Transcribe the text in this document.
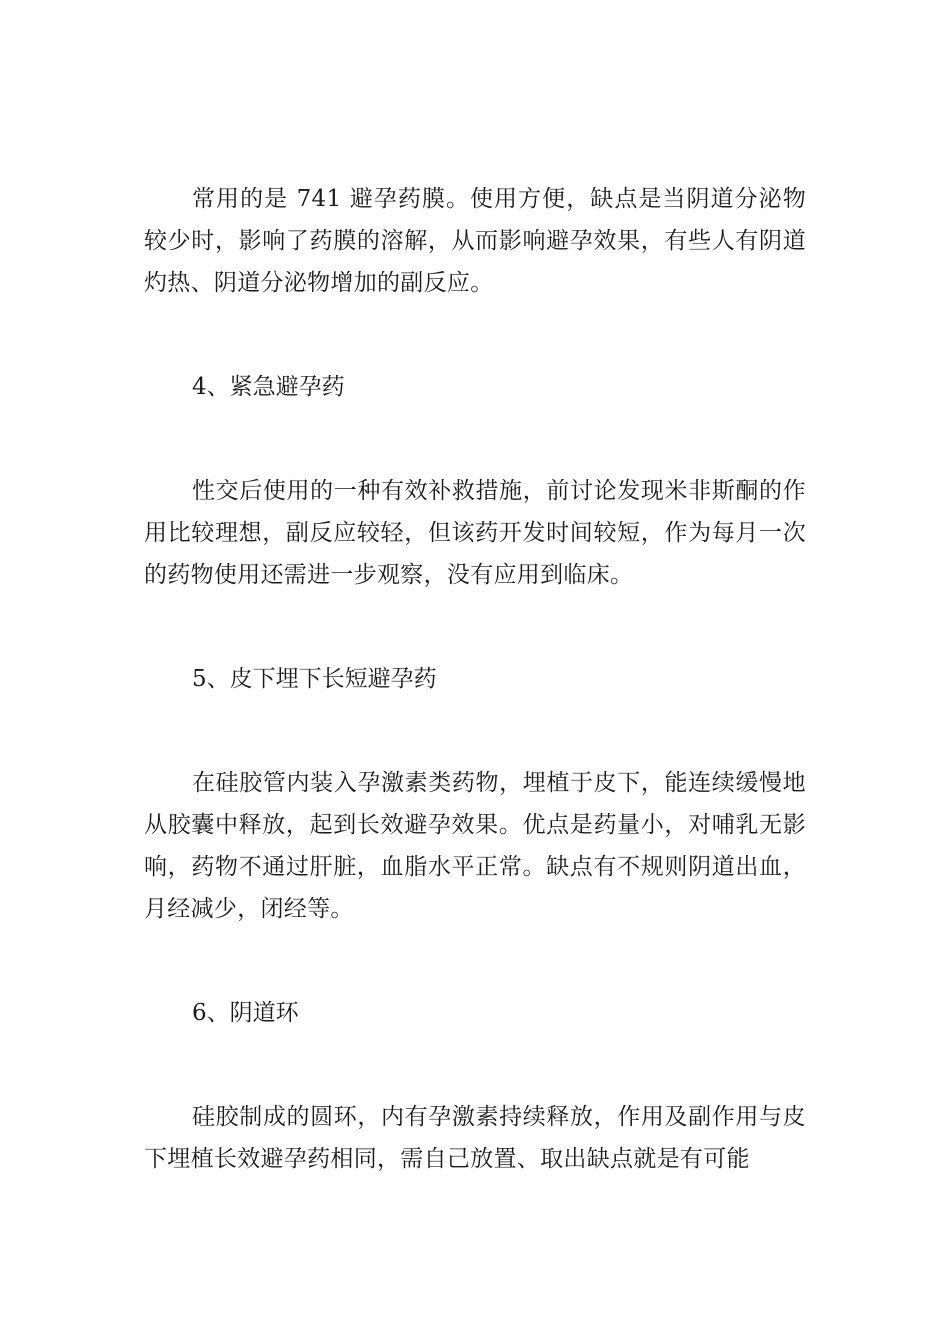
常用的是 741 避孕药膜。使用方便，缺点是当阴道分泌物较少时，影响了药膜的溶解，从而影响避孕效果，有些人有阴道灼热、阴道分泌物增加的副反应。

4、紧急避孕药

性交后使用的一种有效补救措施，前讨论发现米非斯酮的作用比较理想，副反应较轻，但该药开发时间较短，作为每月一次的药物使用还需进一步观察，没有应用到临床。

5、皮下埋下长短避孕药

在硅胶管内装入孕激素类药物，埋植于皮下，能连续缓慢地从胶囊中释放，起到长效避孕效果。优点是药量小，对哺乳无影响，药物不通过肝脏，血脂水平正常。缺点有不规则阴道出血，月经减少，闭经等。

6、阴道环

硅胶制成的圆环，内有孕激素持续释放，作用及副作用与皮下埋植长效避孕药相同，需自己放置、取出缺点就是有可能
